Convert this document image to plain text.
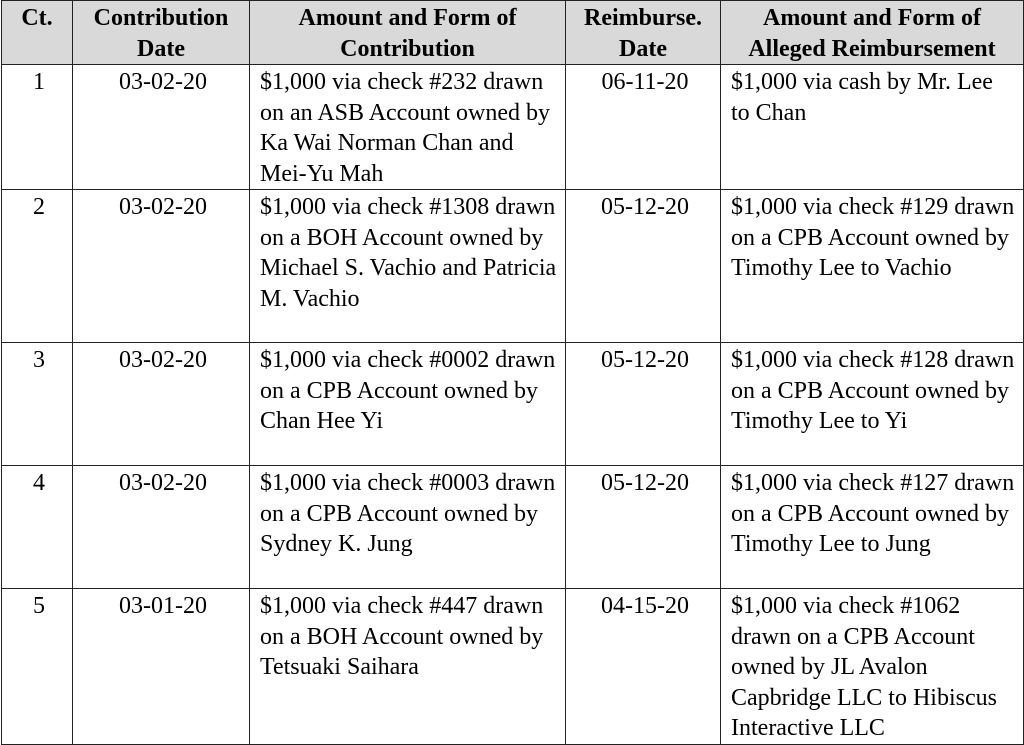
Ct.	Contribution Date	Amount and Form of Contribution	Reimburse. Date	Amount and Form of Alleged Reimbursement
1	03-02-20	$1,000 via check #232 drawn on an ASB Account owned by Ka Wai Norman Chan and Mei-Yu Mah	06-11-20	$1,000 via cash by Mr. Lee to Chan
2	03-02-20	$1,000 via check #1308 drawn on a BOH Account owned by Michael S. Vachio and Patricia M. Vachio	05-12-20	$1,000 via check #129 drawn on a CPB Account owned by Timothy Lee to Vachio
3	03-02-20	$1,000 via check #0002 drawn on a CPB Account owned by Chan Hee Yi	05-12-20	$1,000 via check #128 drawn on a CPB Account owned by Timothy Lee to Yi
4	03-02-20	$1,000 via check #0003 drawn on a CPB Account owned by Sydney K. Jung	05-12-20	$1,000 via check #127 drawn on a CPB Account owned by Timothy Lee to Jung
5	03-01-20	$1,000 via check #447 drawn on a BOH Account owned by Tetsuaki Saihara	04-15-20	$1,000 via check #1062 drawn on a CPB Account owned by JL Avalon Capbridge LLC to Hibiscus Interactive LLC
